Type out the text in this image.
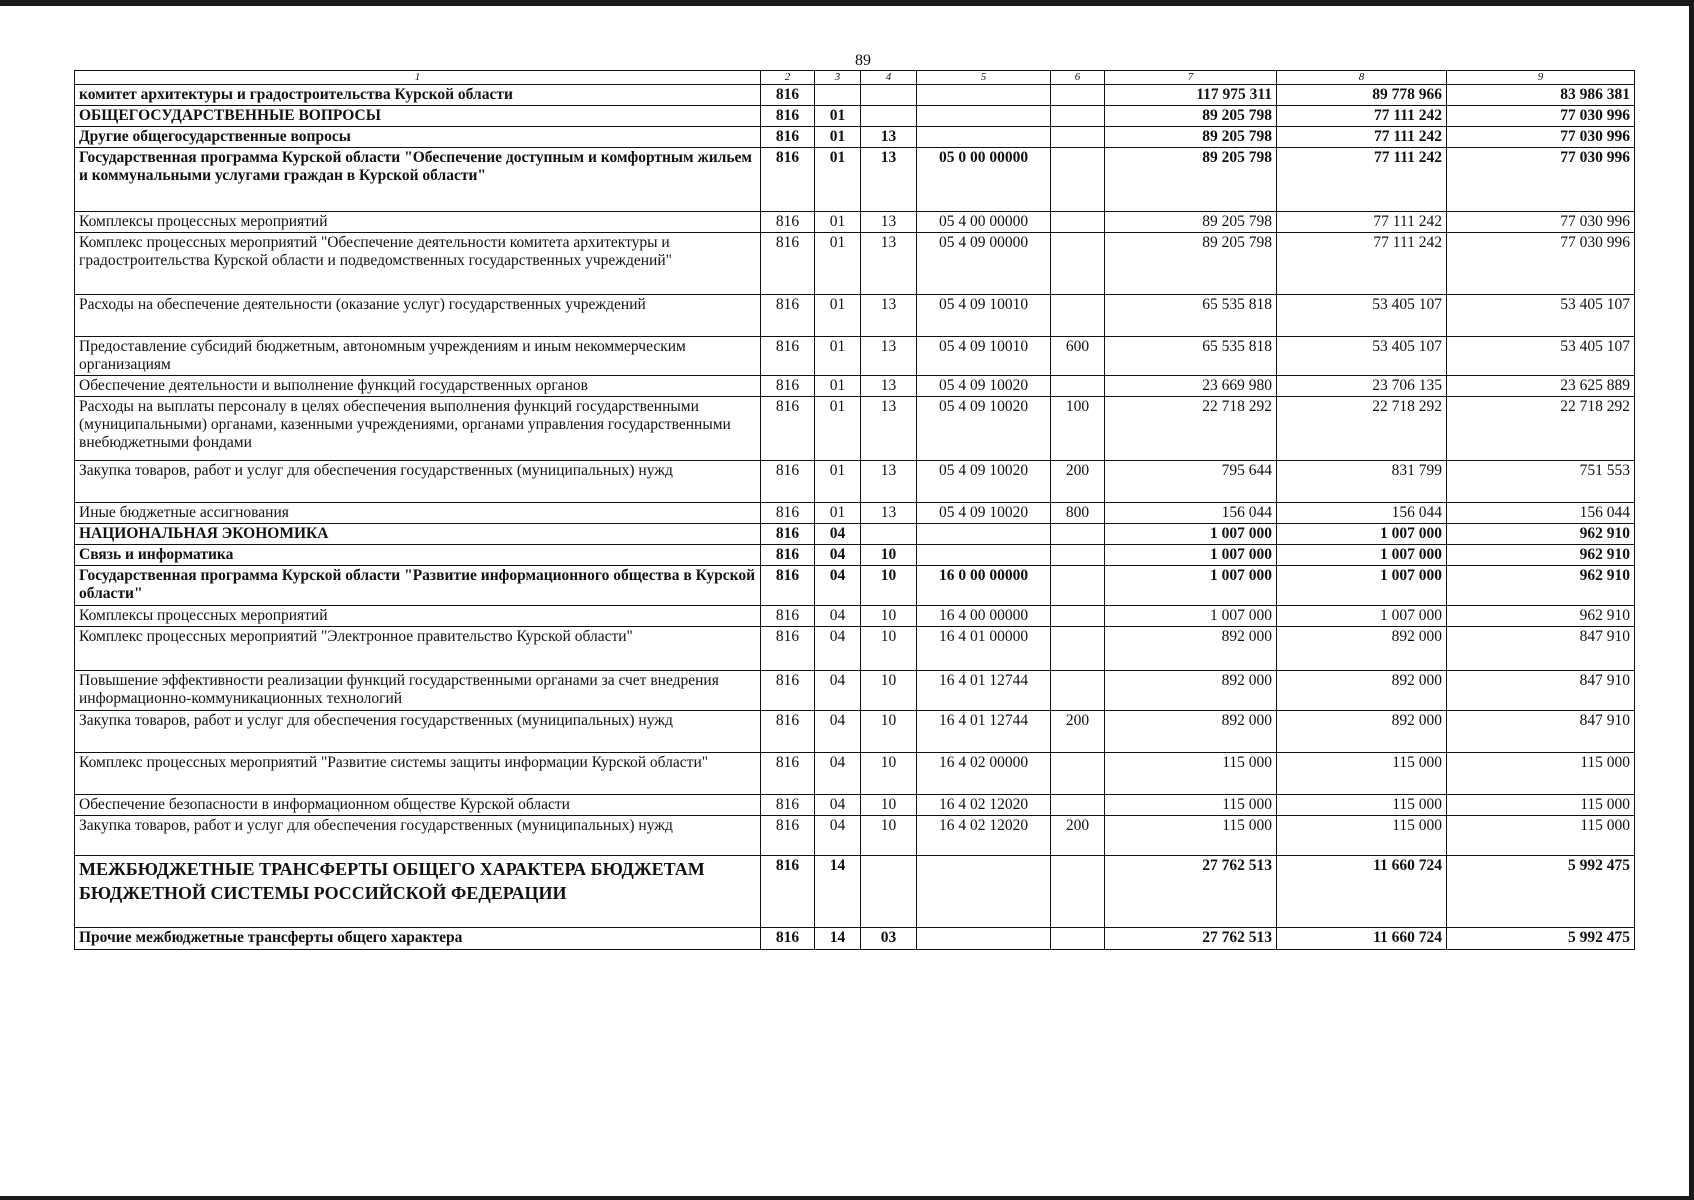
89

1	2	3	4	5	6	7	8	9
комитет архитектуры и градостроительства Курской области	816					117 975 311	89 778 966	83 986 381
ОБЩЕГОСУДАРСТВЕННЫЕ ВОПРОСЫ	816	01				89 205 798	77 111 242	77 030 996
Другие общегосударственные вопросы	816	01	13			89 205 798	77 111 242	77 030 996
Государственная программа Курской области "Обеспечение доступным и комфортным жильем и коммунальными услугами граждан в Курской области"	816	01	13	05 0 00 00000		89 205 798	77 111 242	77 030 996
Комплексы процессных мероприятий	816	01	13	05 4 00 00000		89 205 798	77 111 242	77 030 996
Комплекс процессных мероприятий "Обеспечение деятельности комитета архитектуры и градостроительства Курской области и подведомственных государственных учреждений"	816	01	13	05 4 09 00000		89 205 798	77 111 242	77 030 996
Расходы на обеспечение деятельности (оказание услуг) государственных учреждений	816	01	13	05 4 09 10010		65 535 818	53 405 107	53 405 107
Предоставление субсидий бюджетным, автономным учреждениям и иным некоммерческим организациям	816	01	13	05 4 09 10010	600	65 535 818	53 405 107	53 405 107
Обеспечение деятельности и выполнение функций государственных органов	816	01	13	05 4 09 10020		23 669 980	23 706 135	23 625 889
Расходы на выплаты персоналу в целях обеспечения выполнения функций государственными (муниципальными) органами, казенными учреждениями, органами управления государственными внебюджетными фондами	816	01	13	05 4 09 10020	100	22 718 292	22 718 292	22 718 292
Закупка товаров, работ и услуг для обеспечения государственных (муниципальных) нужд	816	01	13	05 4 09 10020	200	795 644	831 799	751 553
Иные бюджетные ассигнования	816	01	13	05 4 09 10020	800	156 044	156 044	156 044
НАЦИОНАЛЬНАЯ ЭКОНОМИКА	816	04				1 007 000	1 007 000	962 910
Связь и информатика	816	04	10			1 007 000	1 007 000	962 910
Государственная программа Курской области "Развитие информационного общества в Курской области"	816	04	10	16 0 00 00000		1 007 000	1 007 000	962 910
Комплексы процессных мероприятий	816	04	10	16 4 00 00000		1 007 000	1 007 000	962 910
Комплекс процессных мероприятий "Электронное правительство Курской области"	816	04	10	16 4 01 00000		892 000	892 000	847 910
Повышение эффективности реализации функций государственными органами за счет внедрения информационно-коммуникационных технологий	816	04	10	16 4 01 12744		892 000	892 000	847 910
Закупка товаров, работ и услуг для обеспечения государственных (муниципальных) нужд	816	04	10	16 4 01 12744	200	892 000	892 000	847 910
Комплекс процессных мероприятий "Развитие системы защиты информации Курской области"	816	04	10	16 4 02 00000		115 000	115 000	115 000
Обеспечение безопасности в информационном обществе Курской области	816	04	10	16 4 02 12020		115 000	115 000	115 000
Закупка товаров, работ и услуг для обеспечения государственных (муниципальных) нужд	816	04	10	16 4 02 12020	200	115 000	115 000	115 000
МЕЖБЮДЖЕТНЫЕ ТРАНСФЕРТЫ ОБЩЕГО ХАРАКТЕРА БЮДЖЕТАМ БЮДЖЕТНОЙ СИСТЕМЫ РОССИЙСКОЙ ФЕДЕРАЦИИ	816	14				27 762 513	11 660 724	5 992 475
Прочие межбюджетные трансферты общего характера	816	14	03			27 762 513	11 660 724	5 992 475
